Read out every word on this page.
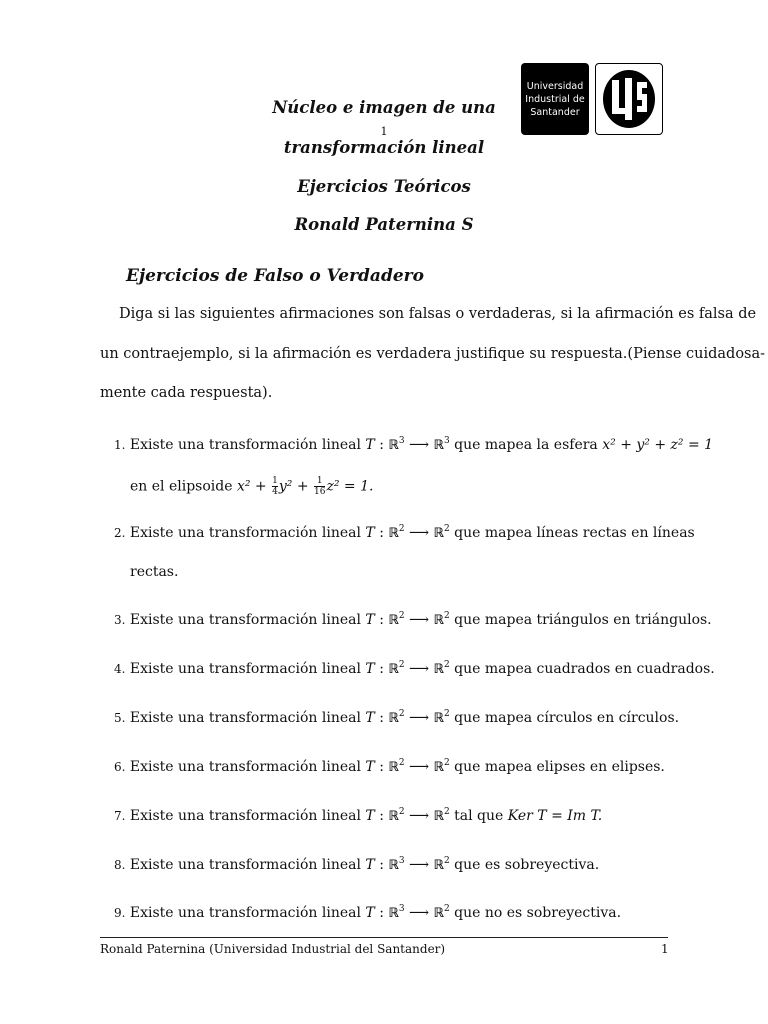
Universidad
Industrial de
Santander
Núcleo e imagen de una
1
transformación lineal
Ejercicios Teóricos
Ronald Paternina S
Ejercicios de Falso o Verdadero
Diga si las siguientes afirmaciones son falsas o verdaderas, si la afirmación es falsa de
un contraejemplo, si la afirmación es verdadera justifique su respuesta.(Piense cuidadosa-
mente cada respuesta).
1. Existe una transformación lineal T : ℝ$^3$ ⟶ ℝ$^3$ que mapea la esfera x² + y² + z² = 1
en el elipsoide $x^2 + \frac{1}{4} y^2 + \frac{1}{16} z^2 = 1$.
2. Existe una transformación lineal T : ℝ$^2$ ⟶ ℝ$^2$ que mapea líneas rectas en líneas
rectas.
3. Existe una transformación lineal T : ℝ$^2$ ⟶ ℝ$^2$ que mapea triángulos en triángulos.
4. Existe una transformación lineal T : ℝ$^2$ ⟶ ℝ$^2$ que mapea cuadrados en cuadrados.
5. Existe una transformación lineal T : ℝ$^2$ ⟶ ℝ$^2$ que mapea círculos en círculos.
6. Existe una transformación lineal T : ℝ$^2$ ⟶ ℝ$^2$ que mapea elipses en elipses.
7. Existe una transformación lineal T : ℝ$^2$ ⟶ ℝ$^2$ tal que Ker T = Im T.
8. Existe una transformación lineal T : ℝ$^3$ ⟶ ℝ$^2$ que es sobreyectiva.
9. Existe una transformación lineal T : ℝ$^3$ ⟶ ℝ$^2$ que no es sobreyectiva.
Ronald Paternina (Universidad Industrial del Santander)	1
